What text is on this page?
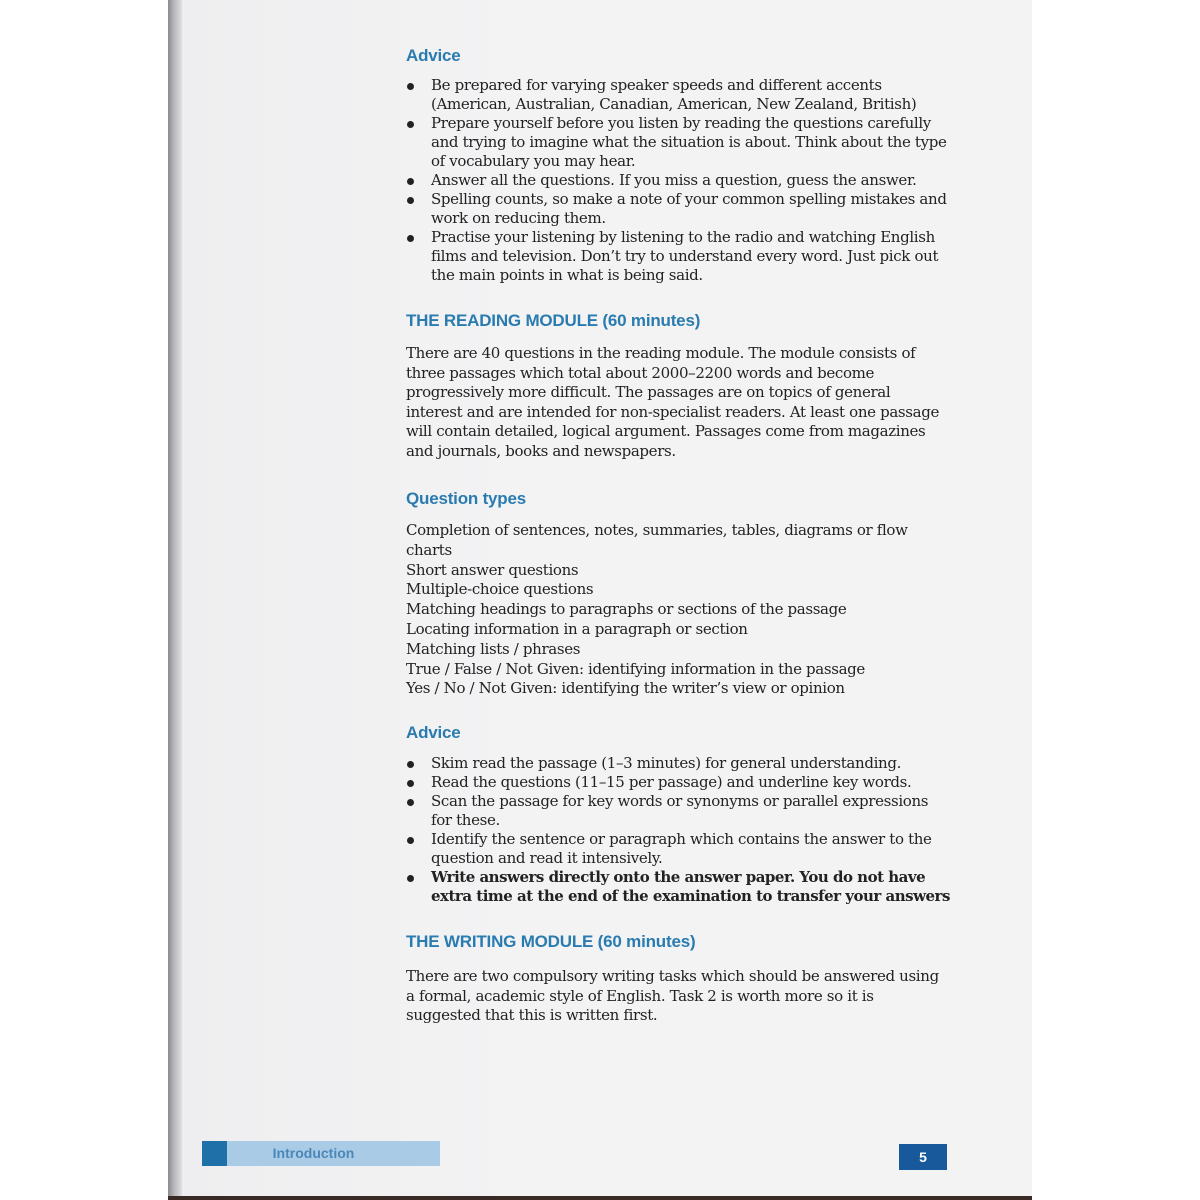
Advice
Be prepared for varying speaker speeds and different accents (American, Australian, Canadian, American, New Zealand, British)
Prepare yourself before you listen by reading the questions carefully and trying to imagine what the situation is about. Think about the type of vocabulary you may hear.
Answer all the questions. If you miss a question, guess the answer.
Spelling counts, so make a note of your common spelling mistakes and work on reducing them.
Practise your listening by listening to the radio and watching English films and television. Don’t try to understand every word. Just pick out the main points in what is being said.
THE READING MODULE (60 minutes)

There are 40 questions in the reading module. The module consists of three passages which total about 2000–2200 words and become progressively more difficult. The passages are on topics of general interest and are intended for non-specialist readers. At least one passage will contain detailed, logical argument. Passages come from magazines and journals, books and newspapers.

Question types
Completion of sentences, notes, summaries, tables, diagrams or flow charts
Short answer questions
Multiple-choice questions
Matching headings to paragraphs or sections of the passage
Locating information in a paragraph or section
Matching lists / phrases
True / False / Not Given: identifying information in the passage
Yes / No / Not Given: identifying the writer’s view or opinion
Advice
Skim read the passage (1–3 minutes) for general understanding.
Read the questions (11–15 per passage) and underline key words.
Scan the passage for key words or synonyms or parallel expressions for these.
Identify the sentence or paragraph which contains the answer to the question and read it intensively.
Write answers directly onto the answer paper. You do not have extra time at the end of the examination to transfer your answers
THE WRITING MODULE (60 minutes)

There are two compulsory writing tasks which should be answered using a formal, academic style of English. Task 2 is worth more so it is suggested that this is written first.

Introduction	5
